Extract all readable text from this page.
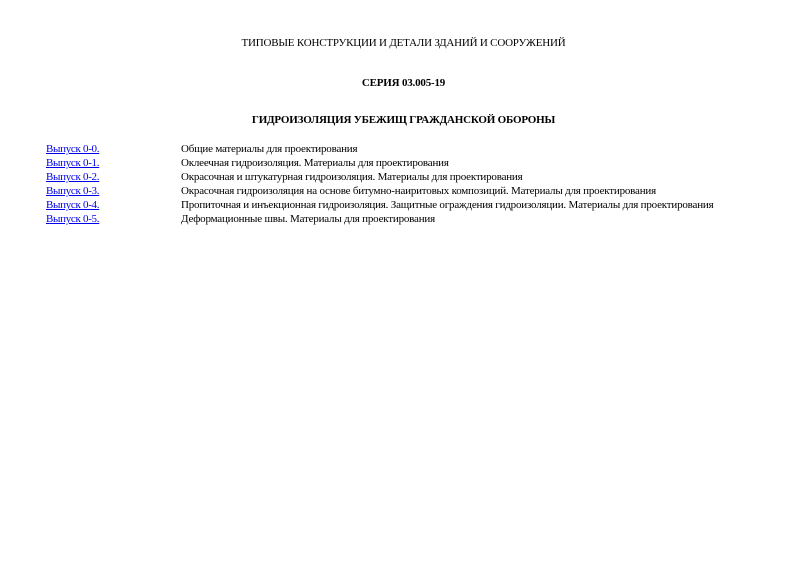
ТИПОВЫЕ КОНСТРУКЦИИ И ДЕТАЛИ ЗДАНИЙ И СООРУЖЕНИЙ
СЕРИЯ 03.005-19
ГИДРОИЗОЛЯЦИЯ УБЕЖИЩ ГРАЖДАНСКОЙ ОБОРОНЫ
Выпуск 0-0.	Общие материалы для проектирования
Выпуск 0-1.	Оклеечная гидроизоляция. Материалы для проектирования
Выпуск 0-2.	Окрасочная и штукатурная гидроизоляция. Материалы для проектирования
Выпуск 0-3.	Окрасочная гидроизоляция на основе битумно-наиритовых композиций. Материалы для проектирования
Выпуск 0-4.	Пропиточная и инъекционная гидроизоляция. Защитные ограждения гидроизоляции. Материалы для проектирования
Выпуск 0-5.	Деформационные швы. Материалы для проектирования
